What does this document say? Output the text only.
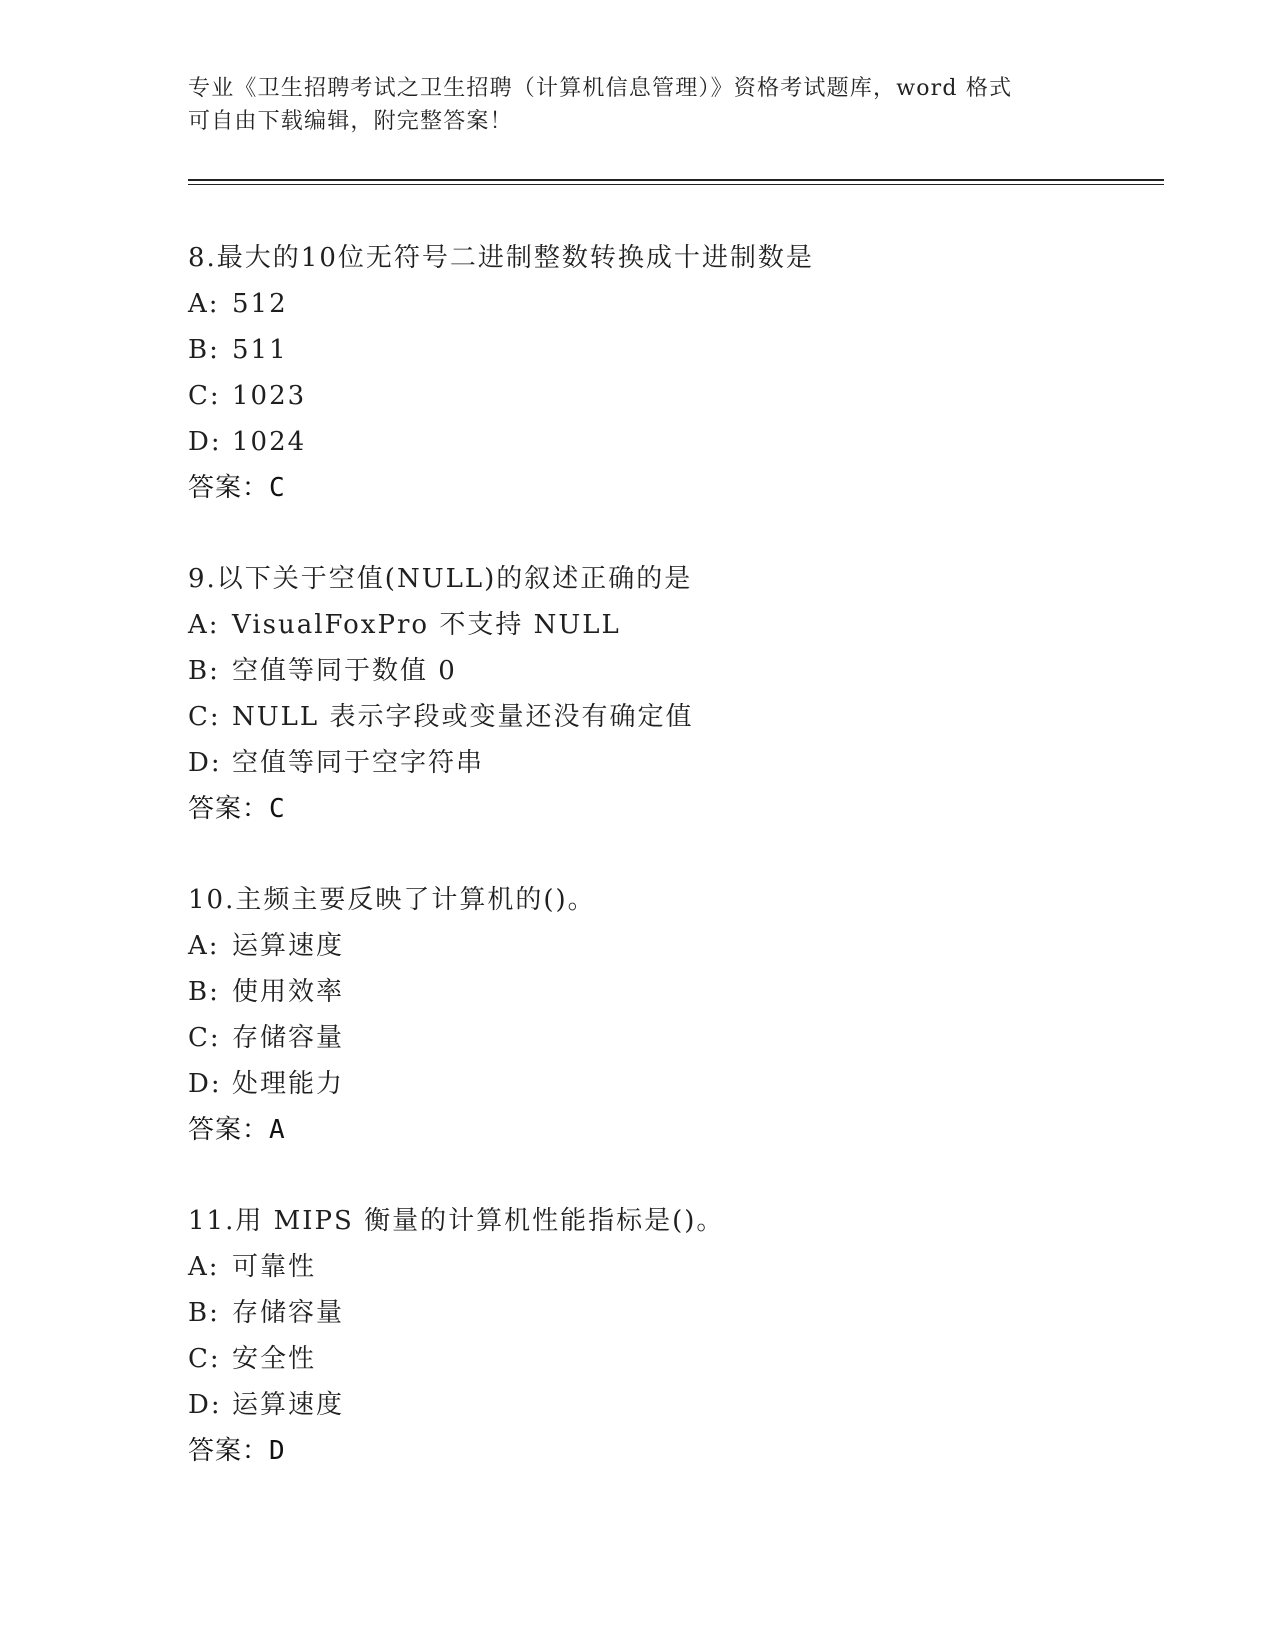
专业《卫生招聘考试之卫生招聘（计算机信息管理）》资格考试题库，word 格式
可自由下载编辑，附完整答案！
8.最大的10位无符号二进制整数转换成十进制数是
A: 512
B: 511
C: 1023
D: 1024
答案：C
9.以下关于空值(NULL)的叙述正确的是
A: VisualFoxPro 不支持 NULL
B: 空值等同于数值 0
C: NULL 表示字段或变量还没有确定值
D: 空值等同于空字符串
答案：C
10.主频主要反映了计算机的()。
A: 运算速度
B: 使用效率
C: 存储容量
D: 处理能力
答案：A
11.用 MIPS 衡量的计算机性能指标是()。
A: 可靠性
B: 存储容量
C: 安全性
D: 运算速度
答案：D
